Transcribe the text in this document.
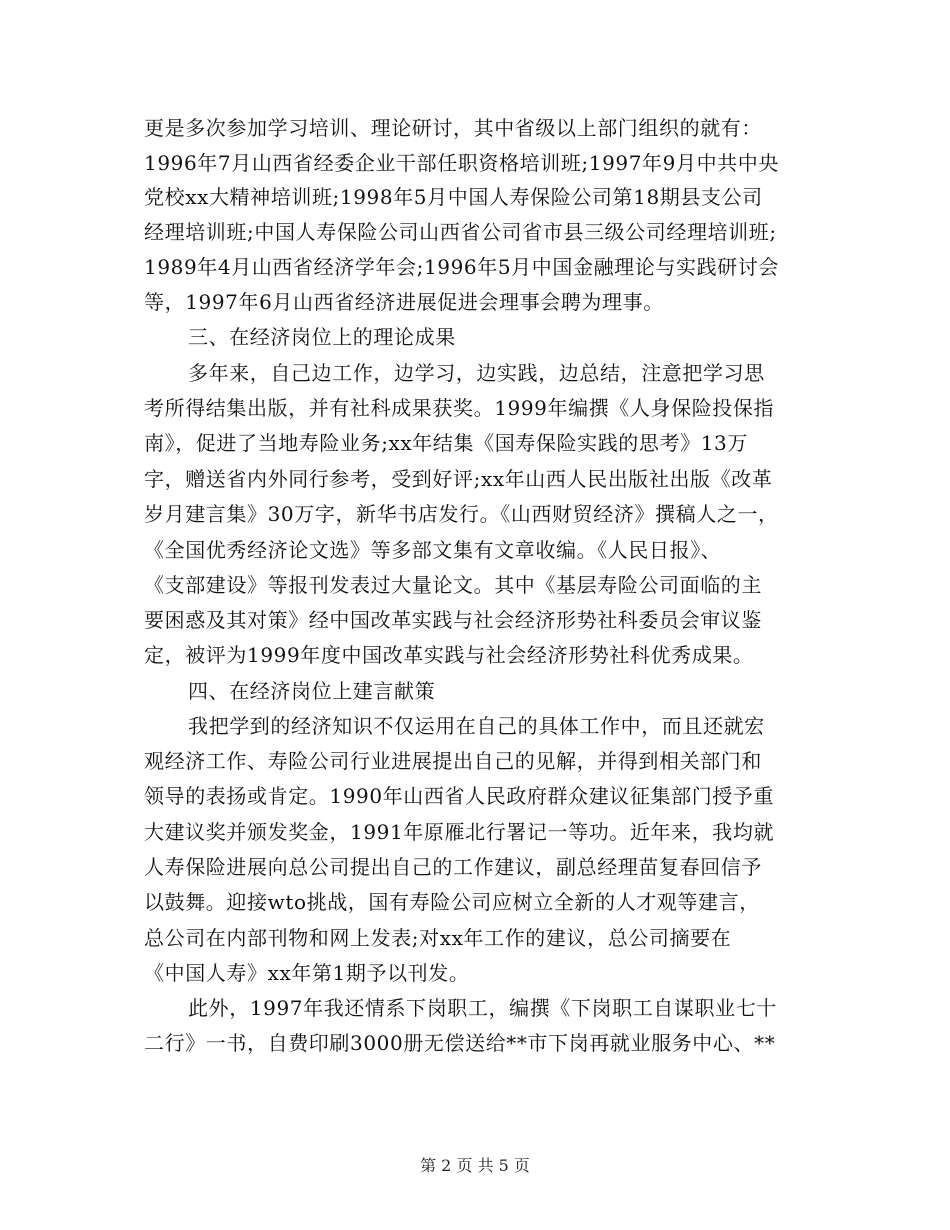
更是多次参加学习培训、理论研讨，其中省级以上部门组织的就有：
1996年7月山西省经委企业干部任职资格培训班;1997年9月中共中央
党校xx大精神培训班;1998年5月中国人寿保险公司第18期县支公司
经理培训班;中国人寿保险公司山西省公司省市县三级公司经理培训班;
1989年4月山西省经济学年会;1996年5月中国金融理论与实践研讨会
等，1997年6月山西省经济进展促进会理事会聘为理事。
三、在经济岗位上的理论成果
多年来，自己边工作，边学习，边实践，边总结，注意把学习思
考所得结集出版，并有社科成果获奖。1999年编撰《人身保险投保指
南》，促进了当地寿险业务;xx年结集《国寿保险实践的思考》13万
字，赠送省内外同行参考，受到好评;xx年山西人民出版社出版《改革
岁月建言集》30万字，新华书店发行。《山西财贸经济》撰稿人之一，
《全国优秀经济论文选》等多部文集有文章收编。《人民日报》、
《支部建设》等报刊发表过大量论文。其中《基层寿险公司面临的主
要困惑及其对策》经中国改革实践与社会经济形势社科委员会审议鉴
定，被评为1999年度中国改革实践与社会经济形势社科优秀成果。
四、在经济岗位上建言献策
我把学到的经济知识不仅运用在自己的具体工作中，而且还就宏
观经济工作、寿险公司行业进展提出自己的见解，并得到相关部门和
领导的表扬或肯定。1990年山西省人民政府群众建议征集部门授予重
大建议奖并颁发奖金，1991年原雁北行署记一等功。近年来，我均就
人寿保险进展向总公司提出自己的工作建议，副总经理苗复春回信予
以鼓舞。迎接wto挑战，国有寿险公司应树立全新的人才观等建言，
总公司在内部刊物和网上发表;对xx年工作的建议，总公司摘要在
《中国人寿》xx年第1期予以刊发。
此外，1997年我还情系下岗职工，编撰《下岗职工自谋职业七十
二行》一书，自费印刷3000册无偿送给**市下岗再就业服务中心、**
第 2 页 共 5 页
